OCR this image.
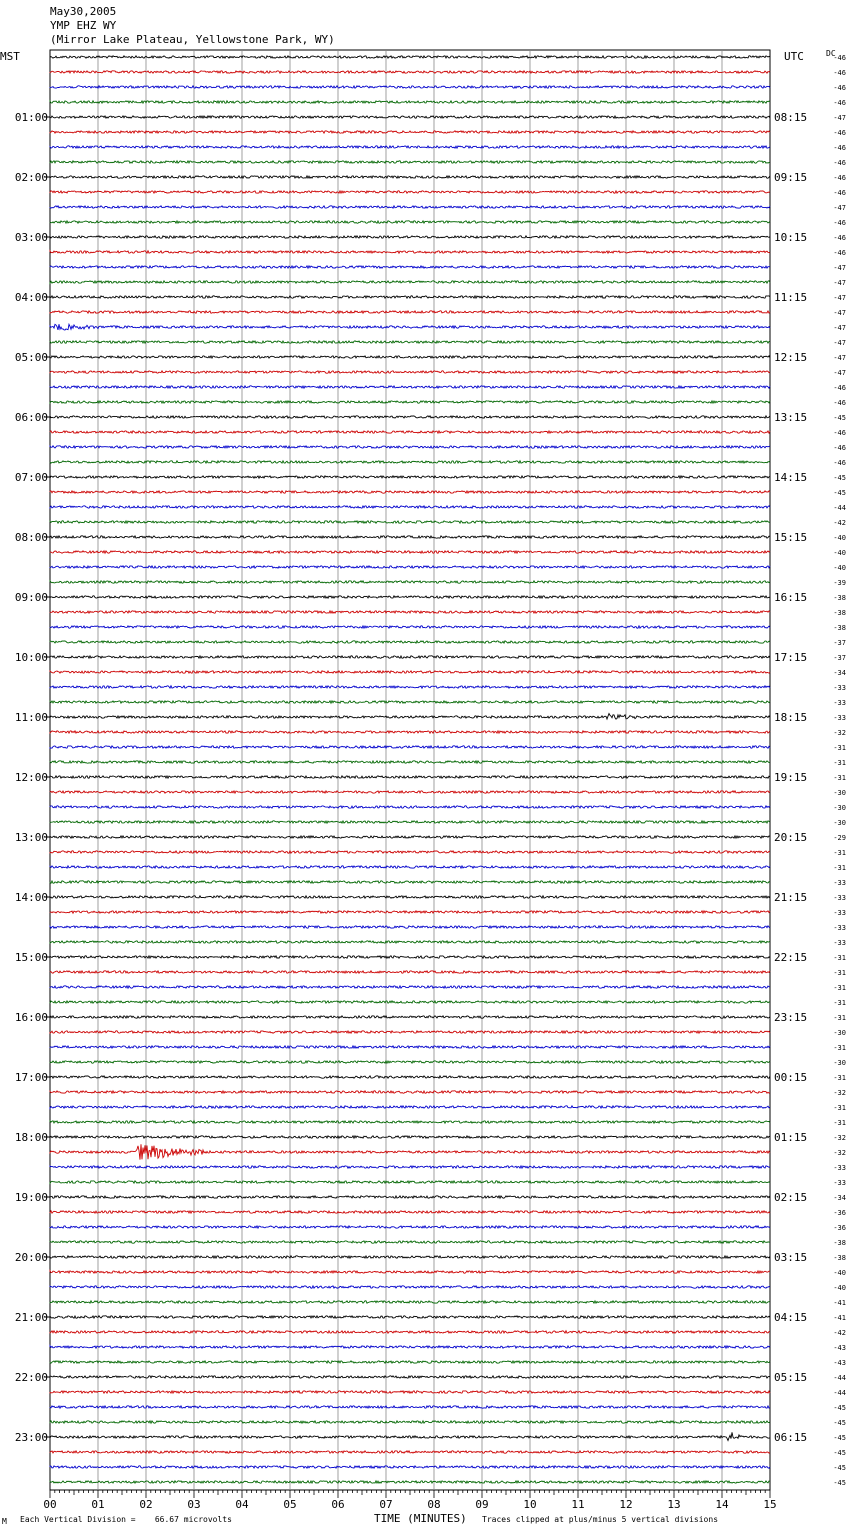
May30,2005
YMP EHZ WY
(Mirror Lake Plateau, Yellowstone Park, WY)
MST	UTC	DC
00	01	02	03	04	05	06	07	08	09	10	11	12	13	14	15
01:00
02:00
03:00
04:00
05:00
06:00
07:00
08:00
09:00
10:00
11:00
12:00
13:00
14:00
15:00
16:00
17:00
18:00
19:00
20:00
21:00
22:00
23:00
08:15
09:15
10:15
11:15
12:15
13:15
14:15
15:15
16:15
17:15
18:15
19:15
20:15
21:15
22:15
23:15
00:15
01:15
02:15
03:15
04:15
05:15
06:15
-46
-46
-46
-46
-47
-46
-46
-46
-46
-46
-47
-46
-46
-46
-47
-47
-47
-47
-47
-47
-47
-47
-46
-46
-45
-46
-46
-46
-45
-45
-44
-42
-40
-40
-40
-39
-38
-38
-38
-37
-37
-34
-33
-33
-33
-32
-31
-31
-31
-30
-30
-30
-29
-31
-31
-33
-33
-33
-33
-33
-31
-31
-31
-31
-31
-30
-31
-30
-31
-32
-31
-31
-32
-32
-33
-33
-34
-36
-36
-38
-38
-40
-40
-41
-41
-42
-43
-43
-44
-44
-45
-45
-45
-45
-45
-45
M Each Vertical Division =    66.67 microvolts	TIME (MINUTES) Traces clipped at plus/minus 5 vertical divisions
